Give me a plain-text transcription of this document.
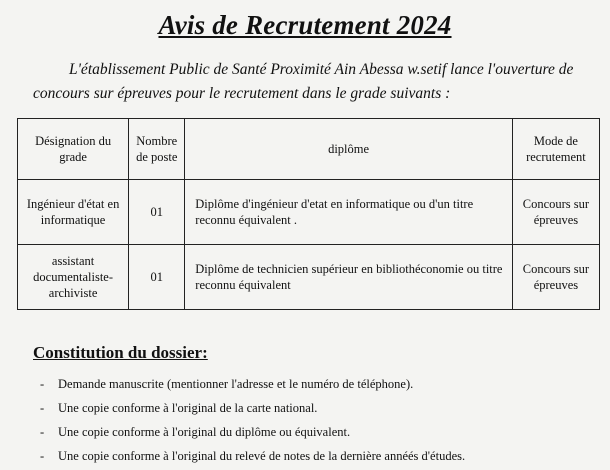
Avis de Recrutement 2024
L'établissement Public de Santé Proximité Ain Abessa w.setif lance l'ouverture de
concours sur épreuves pour le recrutement dans le grade suivants :
Désignation du grade	Nombre de poste	diplôme	Mode de recrutement
Ingénieur d'état en informatique	01	Diplôme d'ingénieur d'etat en informatique ou d'un titre reconnu équivalent .	Concours sur épreuves
assistant documentaliste-archiviste	01	Diplôme de technicien supérieur en bibliothéconomie ou titre reconnu équivalent	Concours sur épreuves
Constitution du dossier:
- Demande manuscrite (mentionner l'adresse et le numéro de téléphone).
- Une copie conforme à l'original de la carte national.
- Une copie conforme à l'original du diplôme ou équivalent.
- Une copie conforme à l'original du relevé de notes de la dernière annéés d'études.
